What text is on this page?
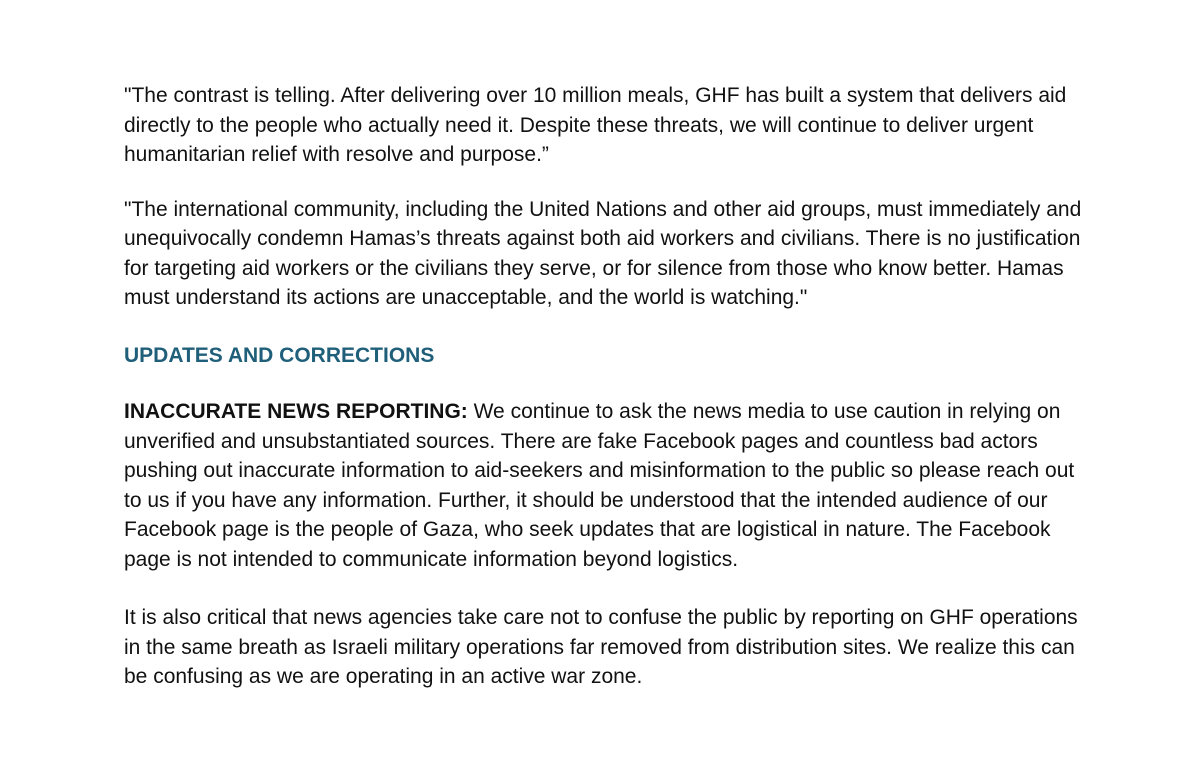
"The contrast is telling. After delivering over 10 million meals, GHF has built a system that delivers aid directly to the people who actually need it. Despite these threats, we will continue to deliver urgent humanitarian relief with resolve and purpose.”

"The international community, including the United Nations and other aid groups, must immediately and unequivocally condemn Hamas’s threats against both aid workers and civilians. There is no justification for targeting aid workers or the civilians they serve, or for silence from those who know better. Hamas must understand its actions are unacceptable, and the world is watching."

UPDATES AND CORRECTIONS

INACCURATE NEWS REPORTING: We continue to ask the news media to use caution in relying on unverified and unsubstantiated sources. There are fake Facebook pages and countless bad actors pushing out inaccurate information to aid-seekers and misinformation to the public so please reach out to us if you have any information. Further, it should be understood that the intended audience of our Facebook page is the people of Gaza, who seek updates that are logistical in nature. The Facebook page is not intended to communicate information beyond logistics.

It is also critical that news agencies take care not to confuse the public by reporting on GHF operations in the same breath as Israeli military operations far removed from distribution sites. We realize this can be confusing as we are operating in an active war zone.
